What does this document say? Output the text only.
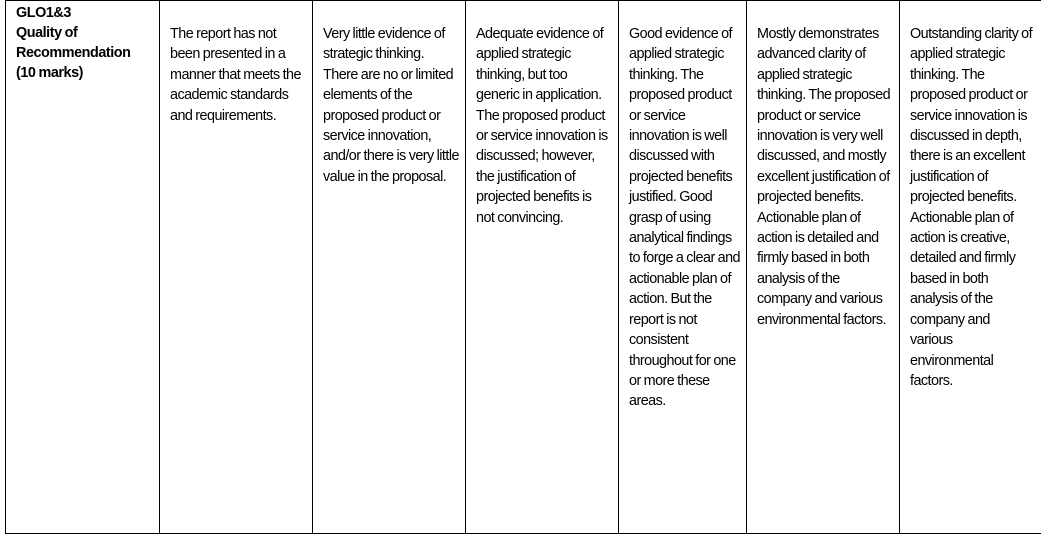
GLO1&3
Quality of
Recommendation
(10 marks)

The report has not been presented in a manner that meets the academic standards and requirements.

Very little evidence of strategic thinking. There are no or limited elements of the proposed product or service innovation, and/or there is very little value in the proposal.

Adequate evidence of applied strategic thinking, but too generic in application. The proposed product or service innovation is discussed; however, the justification of projected benefits is not convincing.

Good evidence of applied strategic thinking. The proposed product or service innovation is well discussed with projected benefits justified. Good grasp of using analytical findings to forge a clear and actionable plan of action. But the report is not consistent throughout for one or more these areas.

Mostly demonstrates advanced clarity of applied strategic thinking. The proposed product or service innovation is very well discussed, and mostly excellent justification of projected benefits. Actionable plan of action is detailed and firmly based in both analysis of the company and various environmental factors.

Outstanding clarity of applied strategic thinking. The proposed product or service innovation is discussed in depth, there is an excellent justification of projected benefits. Actionable plan of action is creative, detailed and firmly based in both analysis of the company and various environmental factors.
